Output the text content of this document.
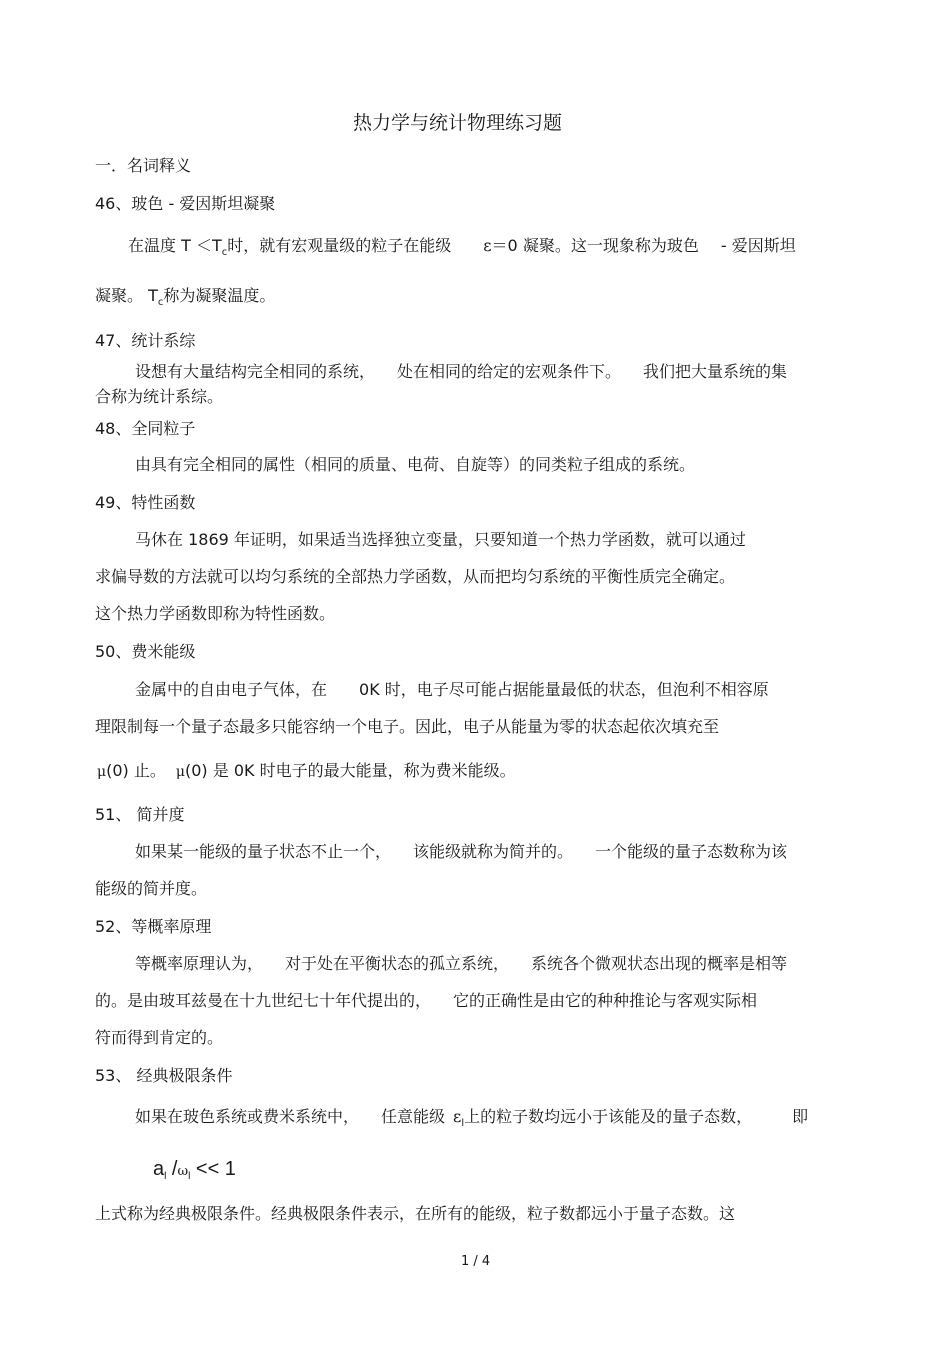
热力学与统计物理练习题
一．名词释义
46、玻色 - 爱因斯坦凝聚
在温度 $T <T_c$时，就有宏观量级的粒子在能级 ε＝0 凝聚。这一现象称为玻色 - 爱因斯坦
凝聚。 $T_c$称为凝聚温度。
47、统计系综
设想有大量结构完全相同的系统， 处在相同的给定的宏观条件下。 我们把大量系统的集
合称为统计系综。
48、全同粒子
由具有完全相同的属性（相同的质量、电荷、自旋等）的同类粒子组成的系统。
49、特性函数
马休在 1869 年证明，如果适当选择独立变量，只要知道一个热力学函数，就可以通过
求偏导数的方法就可以均匀系统的全部热力学函数，从而把均匀系统的平衡性质完全确定。
这个热力学函数即称为特性函数。
50、费米能级
金属中的自由电子气体，在 0K 时，电子尽可能占据能量最低的状态，但泡利不相容原
理限制每一个量子态最多只能容纳一个电子。因此，电子从能量为零的状态起依次填充至
μ(0) 止。 μ(0) 是 0K 时电子的最大能量，称为费米能级。
51、 简并度
如果某一能级的量子状态不止一个， 该能级就称为简并的。 一个能级的量子态数称为该
能级的简并度。
52、等概率原理
等概率原理认为， 对于处在平衡状态的孤立系统， 系统各个微观状态出现的概率是相等
的。是由玻耳兹曼在十九世纪七十年代提出的， 它的正确性是由它的种种推论与客观实际相
符而得到肯定的。
53、 经典极限条件
如果在玻色系统或费米系统中， 任意能级 $\varepsilon_l$上的粒子数均远小于该能及的量子态数，	即
$a_l$ $/\omega_l << 1$
上式称为经典极限条件。经典极限条件表示，在所有的能级，粒子数都远小于量子态数。这
1 / 4
